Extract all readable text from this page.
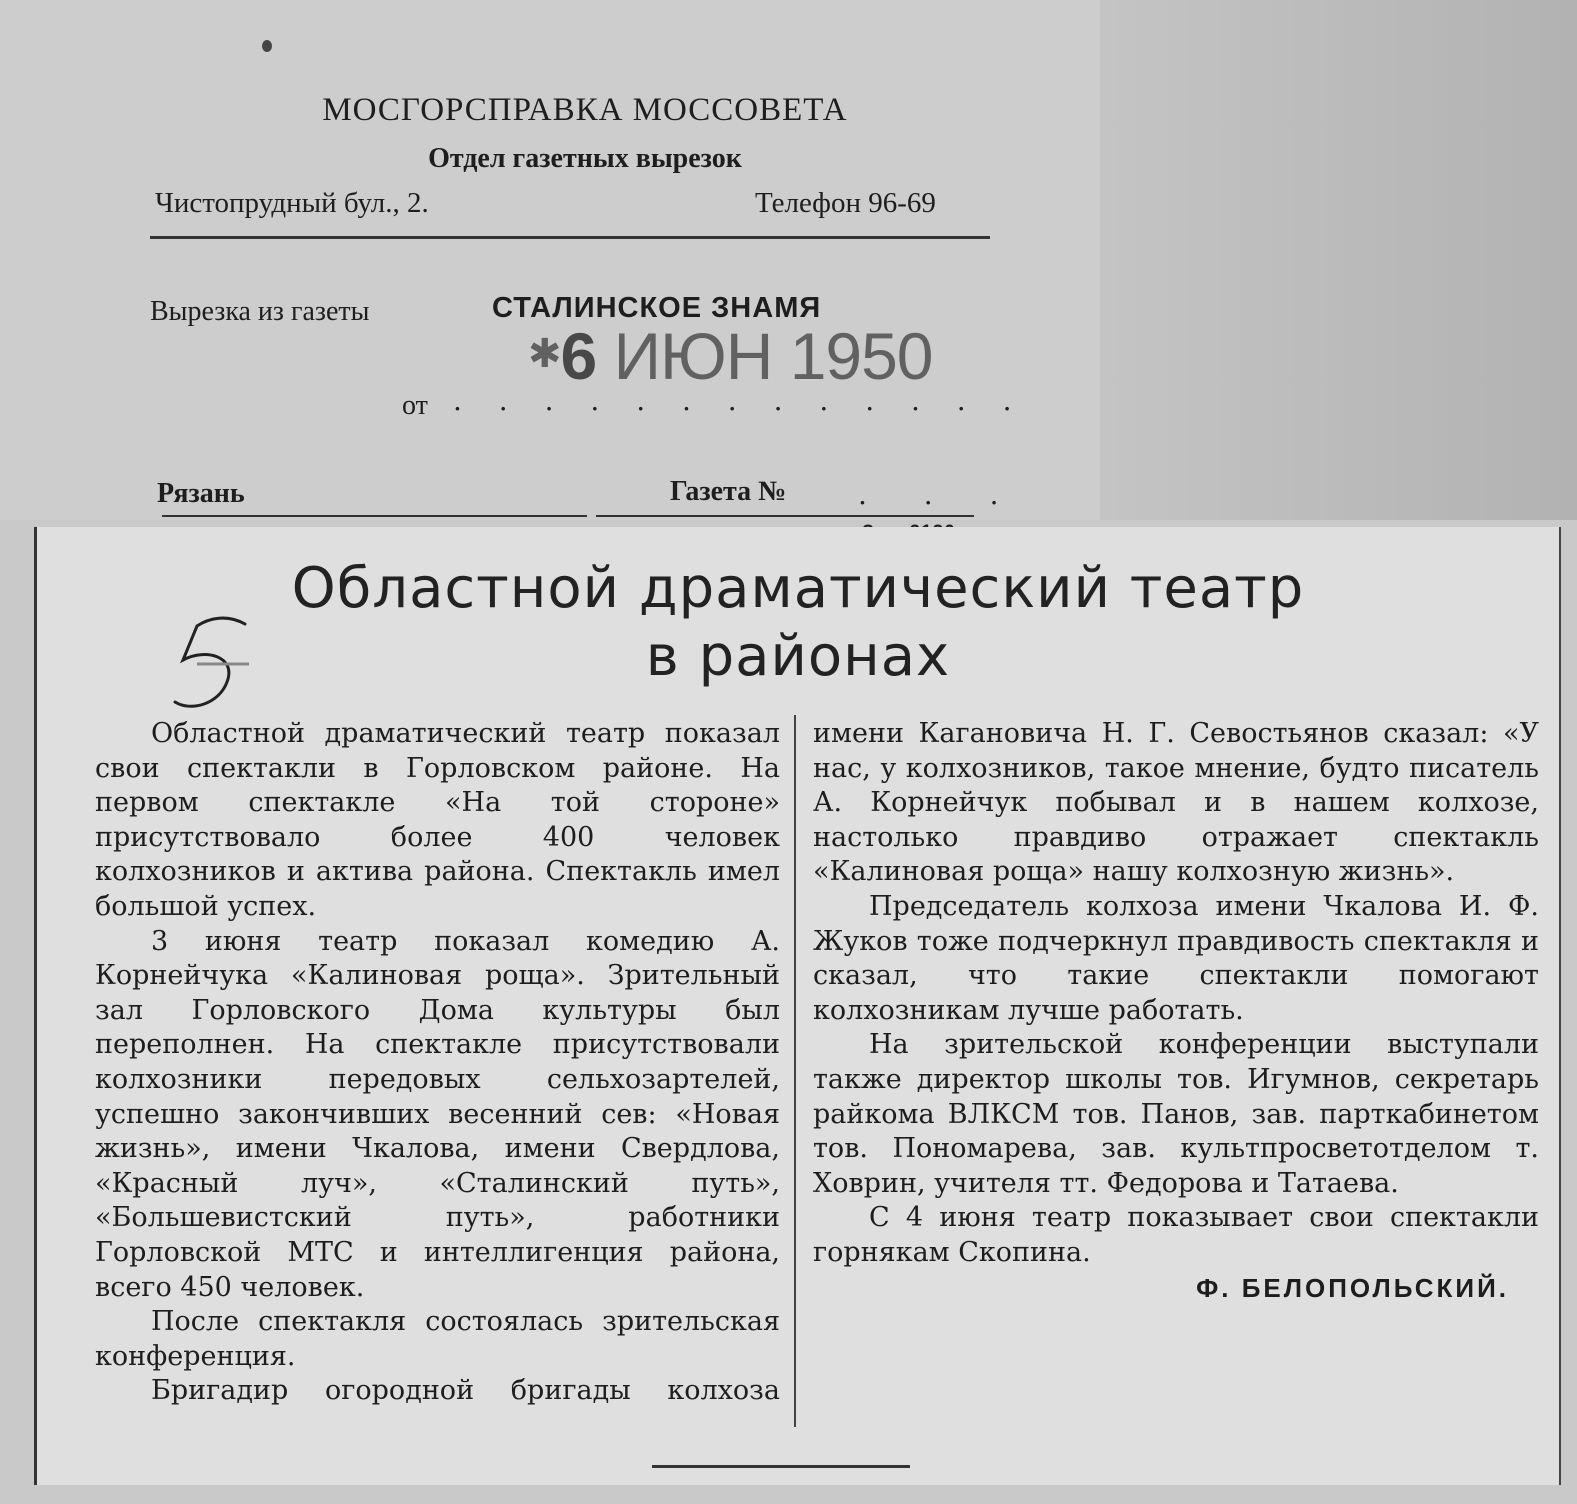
МОСГОРСПРАВКА МОССОВЕТА
Отдел газетных вырезок
Чистопрудный бул., 2.	Телефон 96-69
Вырезка из газеты	СТАЛИНСКОЕ ЗНАМЯ
✱6 ИЮН 1950
от . . . . . . . . . . . . .
Рязань	Газета №	. . .
Областной драматический театр
в районах

Областной драматический театр показал свои спектакли в Горловском районе. На первом спектакле «На той стороне» присутствовало более 400 человек колхозников и актива района. Спектакль имел большой успех.

3 июня театр показал комедию А. Корнейчука «Калиновая роща». Зрительный зал Горловского Дома культуры был переполнен. На спектакле присутствовали колхозники передовых сельхозартелей, успешно закончивших весенний сев: «Новая жизнь», имени Чкалова, имени Свердлова, «Красный луч», «Сталинский путь», «Большевистский путь», работники Горловской МТС и интеллигенция района, всего 450 человек.

После спектакля состоялась зрительская конференция.

Бригадир огородной бригады колхоза

имени Кагановича Н. Г. Севостьянов сказал: «У нас, у колхозников, такое мнение, будто писатель А. Корнейчук побывал и в нашем колхозе, настолько правдиво отражает спектакль «Калиновая роща» нашу колхозную жизнь».

Председатель колхоза имени Чкалова И. Ф. Жуков тоже подчеркнул правдивость спектакля и сказал, что такие спектакли помогают колхозникам лучше работать.

На зрительской конференции выступали также директор школы тов. Игумнов, секретарь райкома ВЛКСМ тов. Панов, зав. парткабинетом тов. Пономарева, зав. культпросветотделом т. Ховрин, учителя тт. Федорова и Татаева.

С 4 июня театр показывает свои спектакли горнякам Скопина.

Ф. БЕЛОПОЛЬСКИЙ.
